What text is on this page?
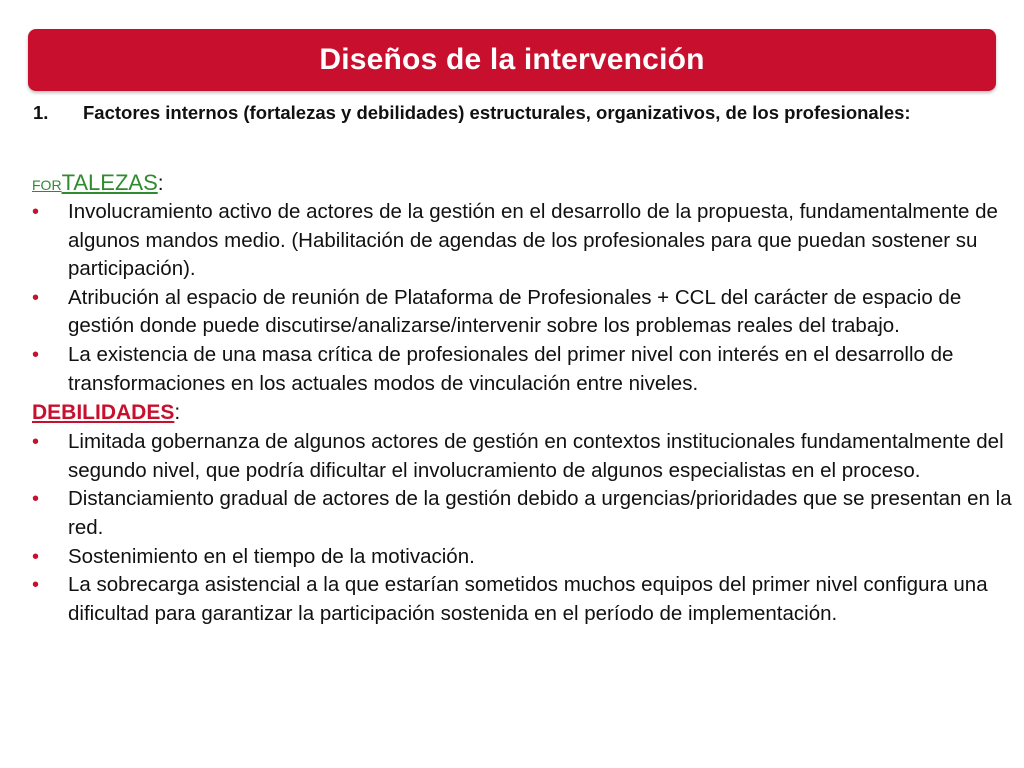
Diseños de la intervención
1.	Factores internos (fortalezas y debilidades) estructurales, organizativos, de los profesionales:
FORTALEZAS:
•	Involucramiento activo de actores de la gestión en el desarrollo de la propuesta, fundamentalmente de algunos mandos medio. (Habilitación de agendas de los profesionales para que puedan sostener su participación).
•	Atribución al espacio de reunión de Plataforma de Profesionales + CCL del carácter de espacio de gestión donde puede discutirse/analizarse/intervenir sobre los problemas reales del trabajo.
•	La existencia de una masa crítica de profesionales del primer nivel con interés en el desarrollo de transformaciones en los actuales modos de vinculación entre niveles.
DEBILIDADES:
•	Limitada gobernanza de algunos actores de gestión en contextos institucionales fundamentalmente del segundo nivel, que podría dificultar el involucramiento de algunos especialistas en el proceso.
•	Distanciamiento gradual de actores de la gestión debido a urgencias/prioridades que se presentan en la red.
•	Sostenimiento en el tiempo de la motivación.
•	La sobrecarga asistencial a la que estarían sometidos muchos equipos del primer nivel configura una dificultad para garantizar la participación sostenida en el período de implementación.
